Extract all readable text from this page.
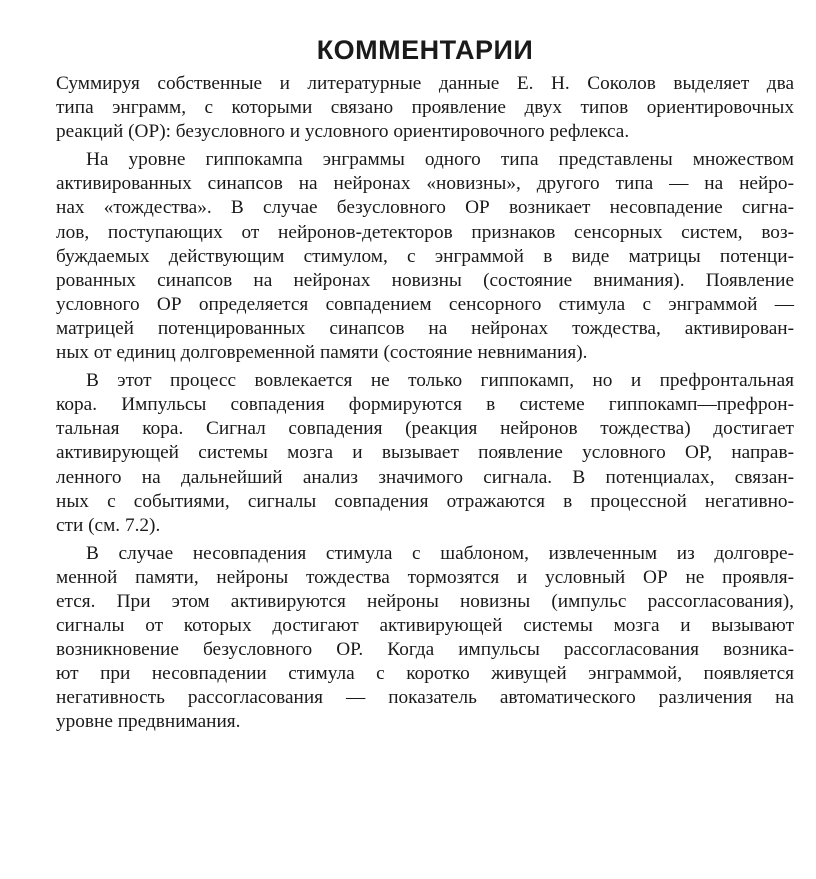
КОММЕНТАРИИ
Суммируя собственные и литературные данные Е. Н. Соколов выделяет два
типа энграмм, с которыми связано проявление двух типов ориентировочных
реакций (ОР): безусловного и условного ориентировочного рефлекса.
На уровне гиппокампа энграммы одного типа представлены множеством
активированных синапсов на нейронах «новизны», другого типа — на нейро-
нах «тождества». В случае безусловного ОР возникает несовпадение сигна-
лов, поступающих от нейронов-детекторов признаков сенсорных систем, воз-
буждаемых действующим стимулом, с энграммой в виде матрицы потенци-
рованных синапсов на нейронах новизны (состояние внимания). Появление
условного ОР определяется совпадением сенсорного стимула с энграммой —
матрицей потенцированных синапсов на нейронах тождества, активирован-
ных от единиц долговременной памяти (состояние невнимания).
В этот процесс вовлекается не только гиппокамп, но и префронтальная
кора. Импульсы совпадения формируются в системе гиппокамп—префрон-
тальная кора. Сигнал совпадения (реакция нейронов тождества) достигает
активирующей системы мозга и вызывает появление условного ОР, направ-
ленного на дальнейший анализ значимого сигнала. В потенциалах, связан-
ных с событиями, сигналы совпадения отражаются в процессной негативно-
сти (см. 7.2).
В случае несовпадения стимула с шаблоном, извлеченным из долговре-
менной памяти, нейроны тождества тормозятся и условный ОР не проявля-
ется. При этом активируются нейроны новизны (импульс рассогласования),
сигналы от которых достигают активирующей системы мозга и вызывают
возникновение безусловного ОР. Когда импульсы рассогласования возника-
ют при несовпадении стимула с коротко живущей энграммой, появляется
негативность рассогласования — показатель автоматического различения на
уровне предвнимания.
